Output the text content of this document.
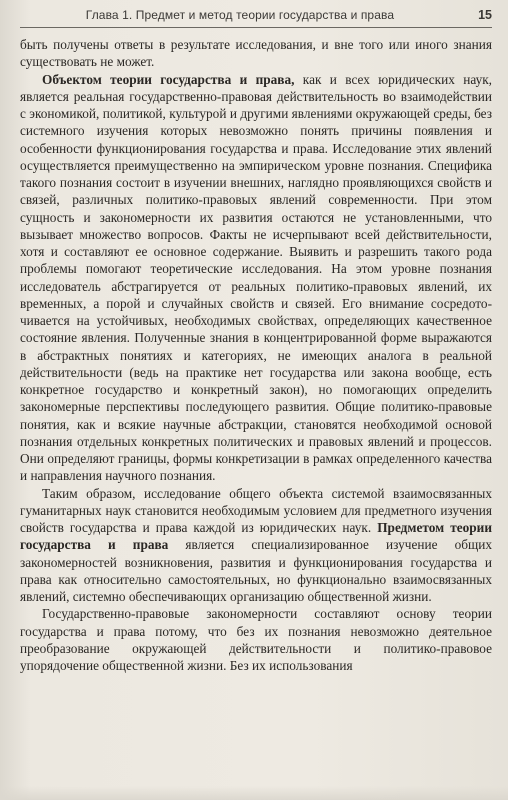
Глава 1. Предмет и метод теории государства и права	15

быть получены ответы в результате исследования, и вне того или иного знания существовать не может.

Объектом теории государства и права, как и всех юридических наук, является реальная государственно-правовая действительность во взаимодействии с экономикой, политикой, культурой и другими явлениями окружающей среды, без системного изучения которых невозможно понять причины появления и особенности функционирования государства и права. Исследование этих явлений осуществляется преимущественно на эмпирическом уровне познания. Специфика такого познания состоит в изучении внешних, наглядно проявляющихся свойств и связей, различных политико-правовых явлений современности. При этом сущность и закономерности их развития остаются не установленными, что вызывает множество вопросов. Факты не исчерпывают всей действительности, хотя и составляют ее основное содержание. Выявить и разрешить такого рода проблемы помогают теоретические исследования. На этом уровне познания исследователь абстрагируется от реальных политико-правовых явлений, их временных, а порой и случайных свойств и связей. Его внимание сосредоточивается на устойчивых, необходимых свойствах, определяющих качественное состояние явления. Полученные знания в концентрированной форме выражаются в абстрактных понятиях и категориях, не имеющих аналога в реальной действительности (ведь на практике нет государства или закона вообще, есть конкретное государство и конкретный закон), но помогающих определить закономерные перспективы последующего развития. Общие политико-правовые понятия, как и всякие научные абстракции, становятся необходимой основой познания отдельных конкретных политических и правовых явлений и процессов. Они определяют границы, формы конкретизации в рамках определенного качества и направления научного познания.

Таким образом, исследование общего объекта системой взаимосвязанных гуманитарных наук становится необходимым условием для предметного изучения свойств государства и права каждой из юридических наук. Предметом теории государства и права является специализированное изучение общих закономерностей возникновения, развития и функционирования государства и права как относительно самостоятельных, но функционально взаимосвязанных явлений, системно обеспечивающих организацию общественной жизни.

Государственно-правовые закономерности составляют основу теории государства и права потому, что без их познания невозможно деятельное преобразование окружающей действительности и политико-правовое упорядочение общественной жизни. Без их использования
